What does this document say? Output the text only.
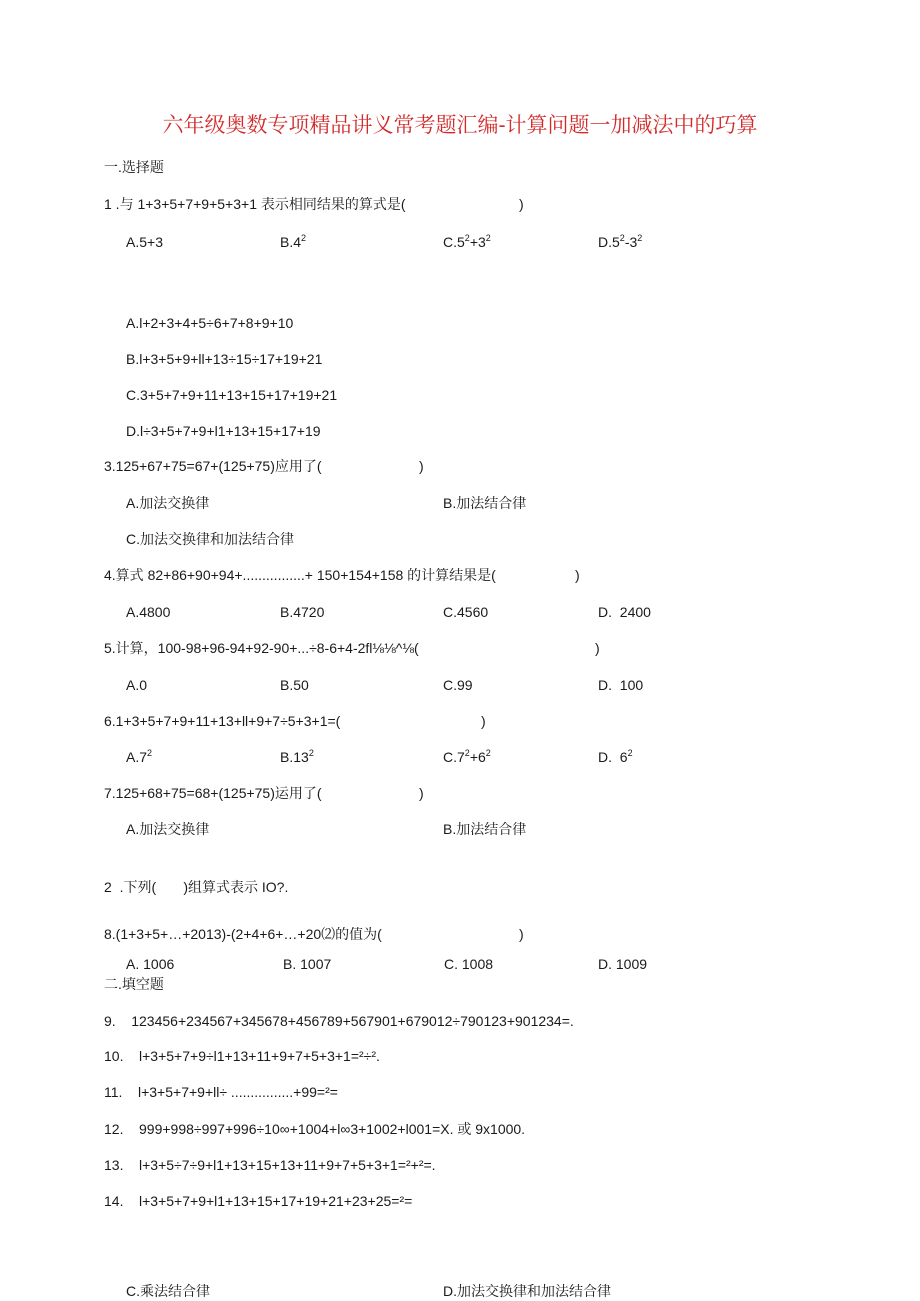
六年级奥数专项精品讲义常考题汇编-计算问题一加减法中的巧算
一.选择题
1 .与 1+3+5+7+9+5+3+1 表示相同结果的算式是(	)
A.5+3	$B.4^2$	$C.5^2+3^2$	$D.5^2-3^2$
A.l+2+3+4+5÷6+7+8+9+10
B.l+3+5+9+ll+13÷15÷17+19+21
C.3+5+7+9+11+13+15+17+19+21
D.l÷3+5+7+9+l1+13+15+17+19
3.125+67+75=67+(125+75)应用了(	)
A.加法交换律	B.加法结合律
C.加法交换律和加法结合律
4.算式 82+86+90+94+................+ 150+154+158 的计算结果是(	)
A.4800	B.4720	C.4560	D.  2400
5.计算，100-98+96-94+92-90+...÷8-6+4-2fl⅛⅛^⅛(	)
A.0	B.50	C.99	D.  100
6.1+3+5+7+9+11+13+ll+9+7÷5+3+1=(	)
$A.7^2$	$B.13^2$	$C.7^2+6^2$	D.  $6^2$
7.125+68+75=68+(125+75)运用了(	)
A.加法交换律	B.加法结合律
2  .下列(       )组算式表示 IO?.
8.(1+3+5+…+2013)-(2+4+6+…+20⑵的值为(	)
A. 1006	B. 1007	C. 1008	D. 1009
二.填空题
9.    123456+234567+345678+456789+567901+679012÷790123+901234=.
10.    l+3+5+7+9÷l1+13+11+9+7+5+3+1=²÷².
11.    l+3+5+7+9+ll÷ ................+99=²=
12.    999+998÷997+996÷10∞+1004+l∞3+1002+l001=X. 或 9x1000.
13.    l+3+5÷7÷9+l1+13+15+13+11+9+7+5+3+1=²+²=.
14.    l+3+5+7+9+l1+13+15+17+19+21+23+25=²=
C.乘法结合律	D.加法交换律和加法结合律
